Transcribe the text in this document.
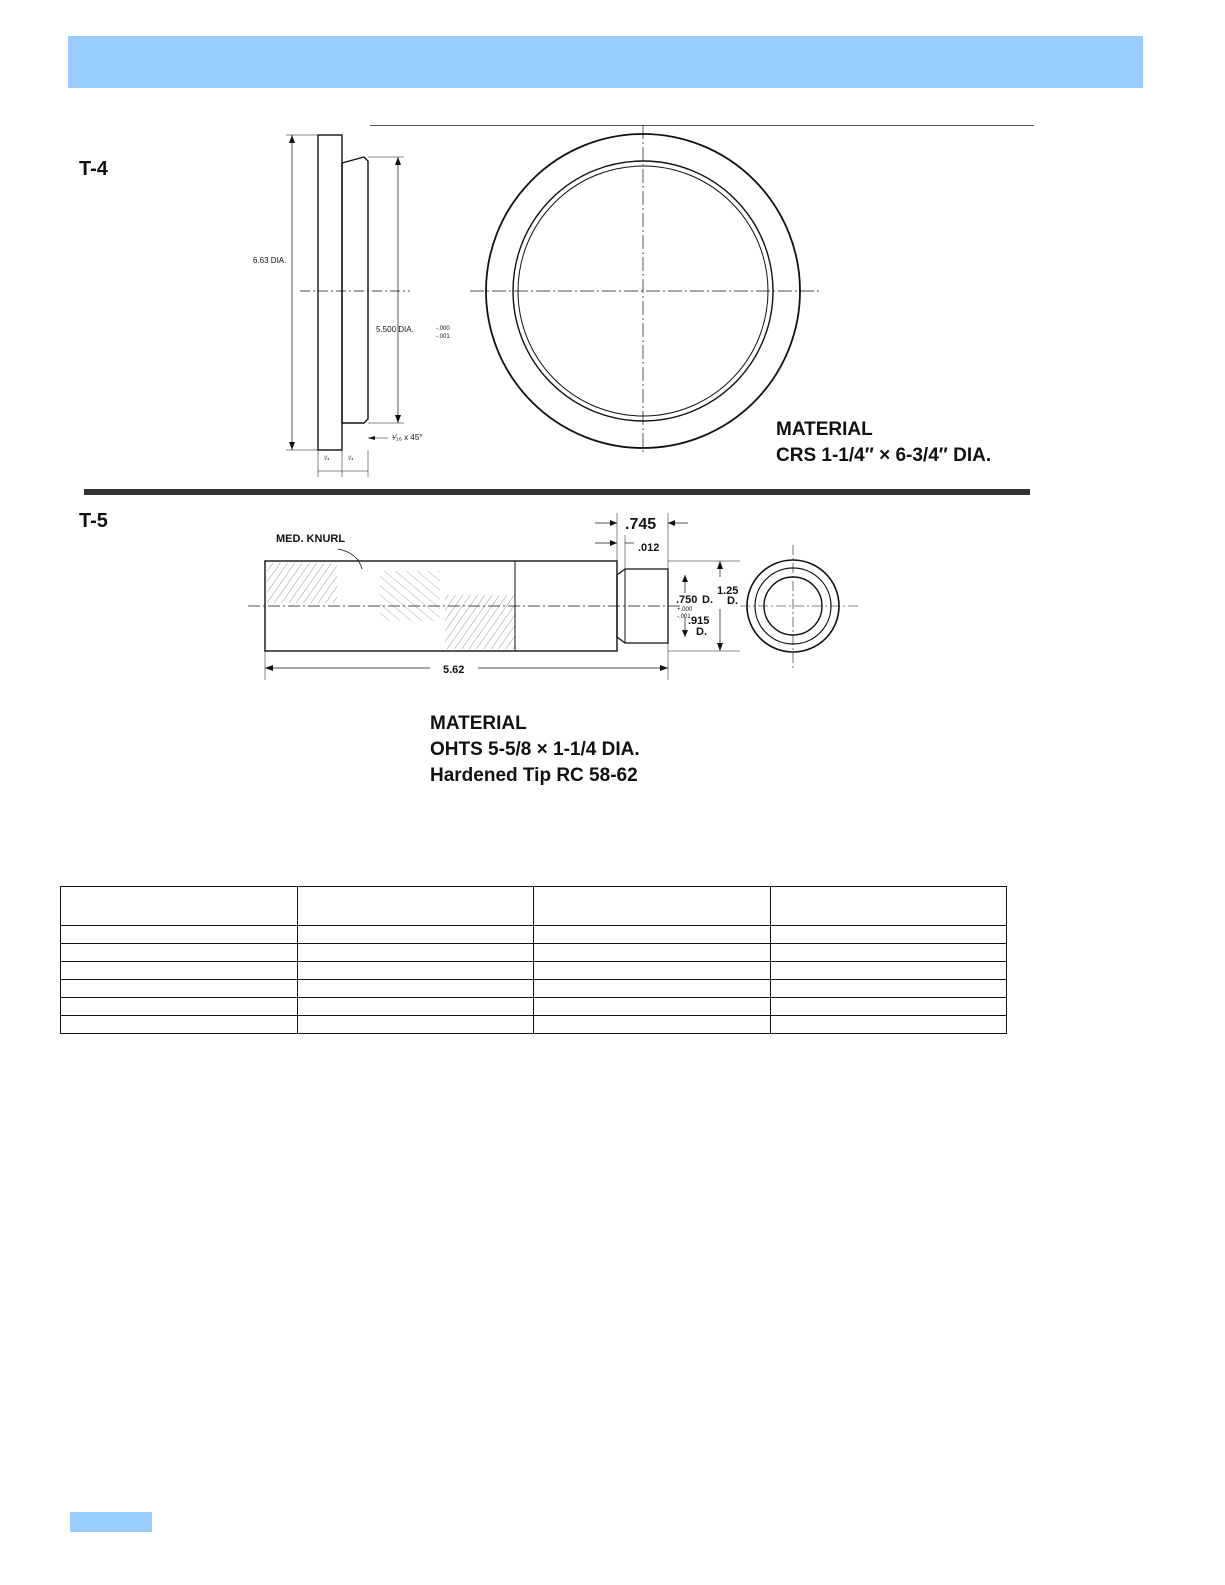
T-4
6.63 DIA.
5.500 DIA.	-.000
-.001
¹⁄₁₆ x 45°
¹⁄₄	¹⁄₄
MATERIAL
CRS 1-1/4″ × 6-3/4″ DIA.
T-5
MED. KNURL
.745
.012
5.62
1.25
D.
.750 D.
+.000
-.001
.915
D.
MATERIAL
OHTS 5-5/8 × 1-1/4 DIA.
Hardened Tip RC 58-62
